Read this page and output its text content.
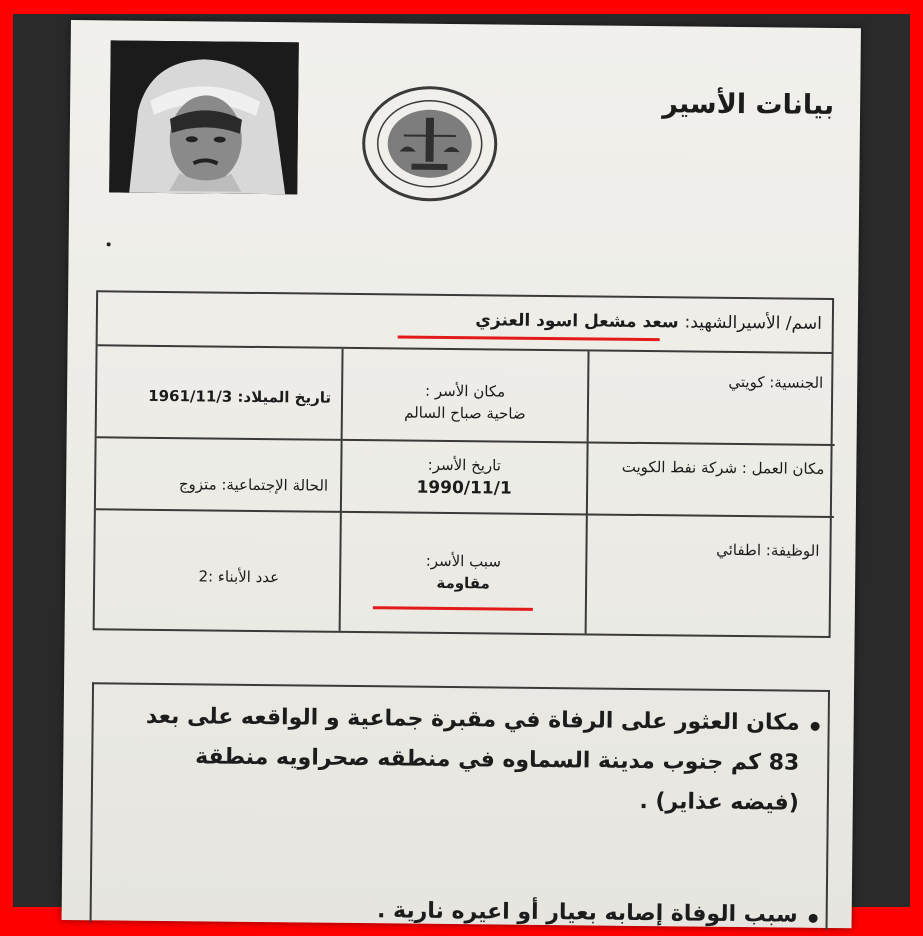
بيانات الأسير
اسم/ الأسيرالشهيد: سعد مشعل اسود العنزي
الجنسية: كويتي
مكان الأسر :
ضاحية صباح السالم
تاريخ الميلاد: 1961/11/3
مكان العمل : شركة نفط الكويت
تاريخ الأسر:
1990/11/1
الحالة الإجتماعية: متزوج
الوظيفة: اطفائي
سبب الأسر:
مقاومة
عدد الأبناء :2
مكان العثور على الرفاة في مقبرة جماعية و الواقعه على بعد
83 كم جنوب مدينة السماوه في منطقه صحراويه منطقة
(فيضه عذاير) .
سبب الوفاة إصابه بعيار أو اعيره نارية .
